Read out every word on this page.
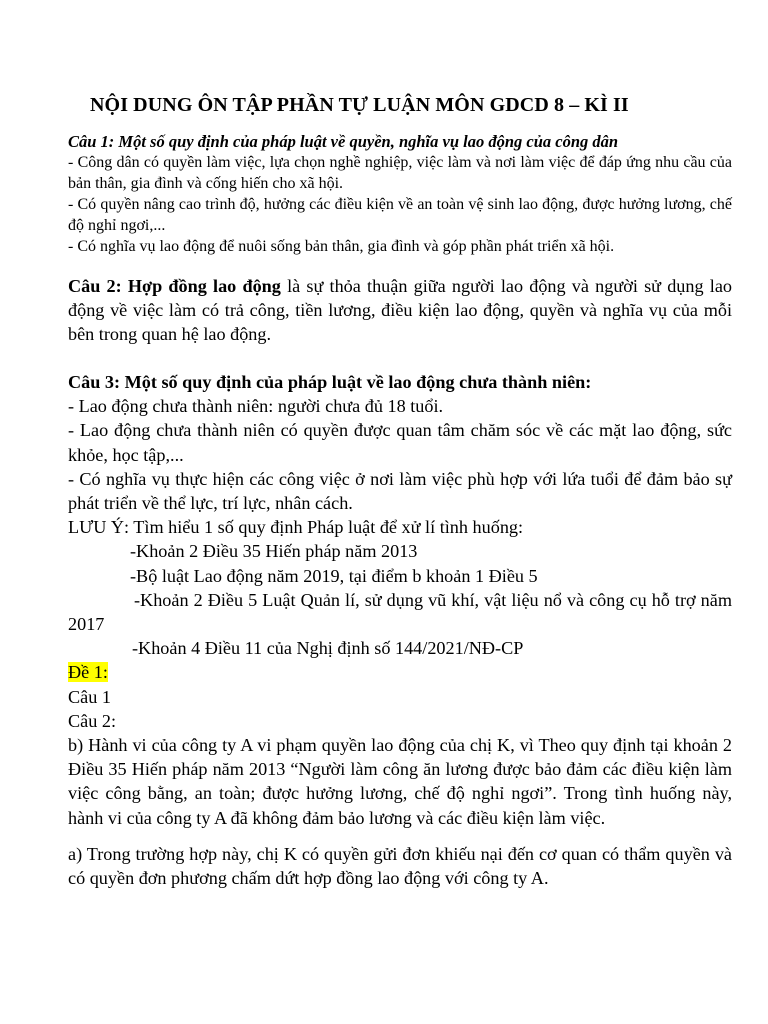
NỘI DUNG ÔN TẬP PHẦN TỰ LUẬN MÔN GDCD 8 – KÌ II
Câu 1: Một số quy định của pháp luật về quyền, nghĩa vụ lao động của công dân

- Công dân có quyền làm việc, lựa chọn nghề nghiệp, việc làm và nơi làm việc để đáp ứng nhu cầu của bản thân, gia đình và cống hiến cho xã hội.

- Có quyền nâng cao trình độ, hưởng các điều kiện về an toàn vệ sinh lao động, được hưởng lương, chế độ nghỉ ngơi,...

- Có nghĩa vụ lao động để nuôi sống bản thân, gia đình và góp phần phát triển xã hội.

Câu 2: Hợp đồng lao động là sự thỏa thuận giữa người lao động và người sử dụng lao động về việc làm có trả công, tiền lương, điều kiện lao động, quyền và nghĩa vụ của mỗi bên trong quan hệ lao động.

Câu 3: Một số quy định của pháp luật về lao động chưa thành niên:

- Lao động chưa thành niên: người chưa đủ 18 tuổi.

- Lao động chưa thành niên có quyền được quan tâm chăm sóc về các mặt lao động, sức khỏe, học tập,...

- Có nghĩa vụ thực hiện các công việc ở nơi làm việc phù hợp với lứa tuổi để đảm bảo sự phát triển về thể lực, trí lực, nhân cách.

LƯU Ý: Tìm hiểu 1 số quy định Pháp luật để xử lí tình huống:

-Khoản 2 Điều 35 Hiến pháp năm 2013

-Bộ luật Lao động năm 2019, tại điểm b khoản 1 Điều 5

-Khoản 2 Điều 5 Luật Quản lí, sử dụng vũ khí, vật liệu nổ và công cụ hỗ trợ năm 2017

-Khoản 4 Điều 11 của Nghị định số 144/2021/NĐ-CP

Đề 1:

Câu 1

Câu 2:

b) Hành vi của công ty A vi phạm quyền lao động của chị K, vì Theo quy định tại khoản 2 Điều 35 Hiến pháp năm 2013 “Người làm công ăn lương được bảo đảm các điều kiện làm việc công bằng, an toàn; được hưởng lương, chế độ nghỉ ngơi”. Trong tình huống này, hành vi của công ty A đã không đảm bảo lương và các điều kiện làm việc.

a) Trong trường hợp này, chị K có quyền gửi đơn khiếu nại đến cơ quan có thẩm quyền và có quyền đơn phương chấm dứt hợp đồng lao động với công ty A.
